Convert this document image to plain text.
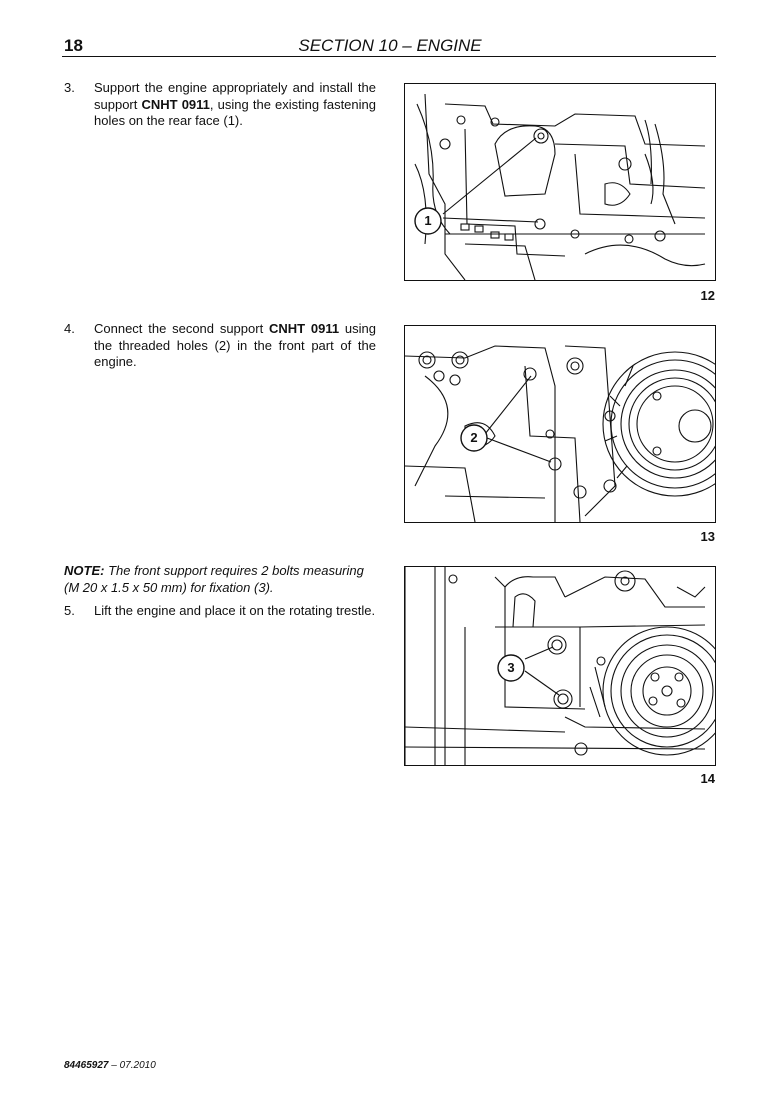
18	SECTION 10 – ENGINE
3. Support the engine appropriately and install the support CNHT 0911, using the existing fastening holes on the rear face (1).
1
12
4. Connect the second support CNHT 0911 using the threaded holes (2) in the front part of the engine.
2
13
NOTE: The front support requires 2 bolts measuring (M 20 x 1.5 x 50 mm) for fixation (3).
5. Lift the engine and place it on the rotating trestle.
3
14
84465927 – 07.2010
